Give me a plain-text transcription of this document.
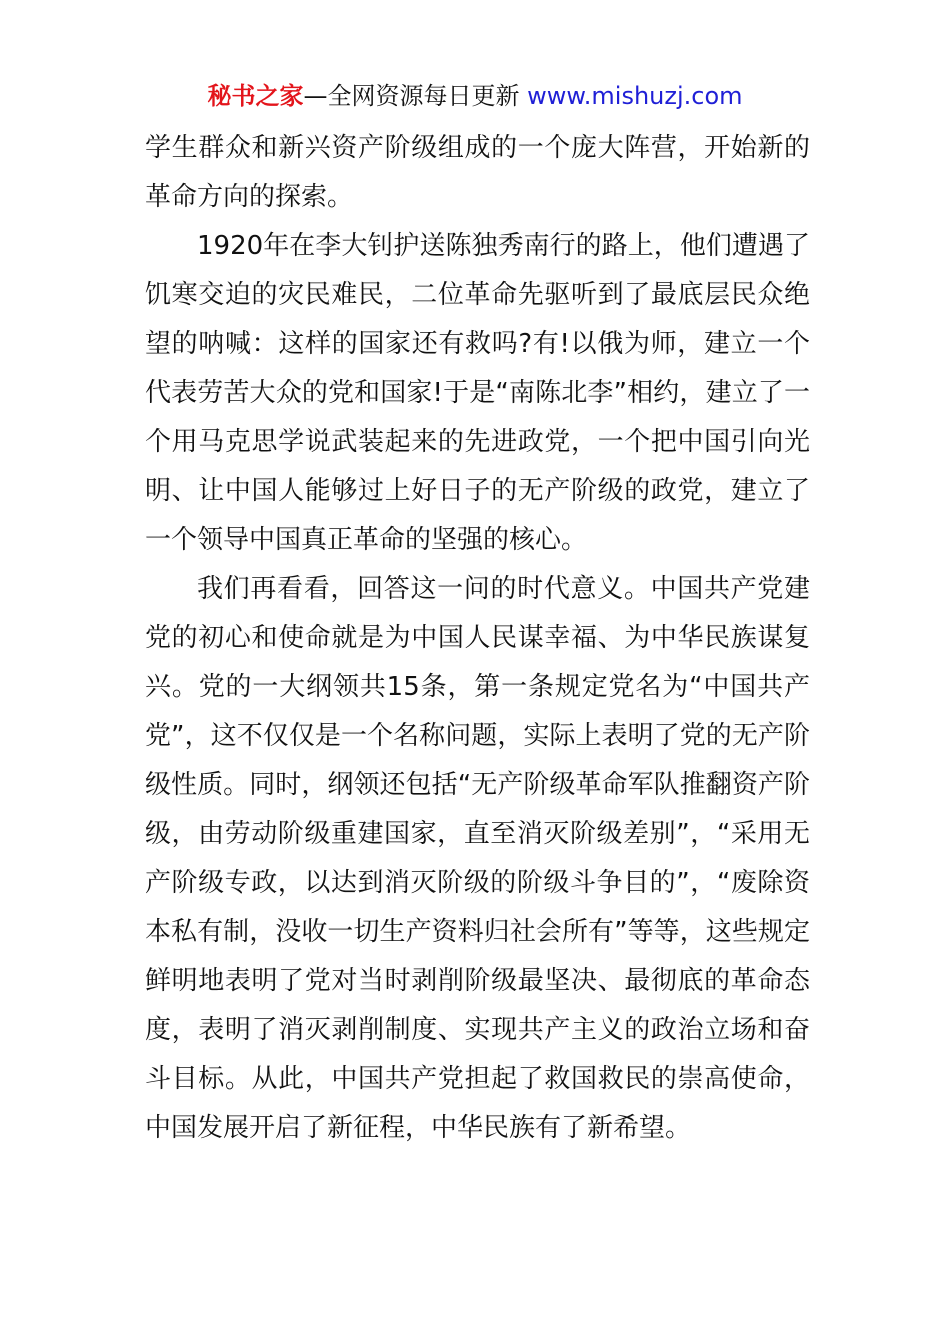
秘书之家—全网资源每日更新 www.mishuzj.com

学生群众和新兴资产阶级组成的一个庞大阵营，开始新的革命方向的探索。

1920年在李大钊护送陈独秀南行的路上，他们遭遇了饥寒交迫的灾民难民，二位革命先驱听到了最底层民众绝望的呐喊：这样的国家还有救吗?有!以俄为师，建立一个代表劳苦大众的党和国家!于是“南陈北李”相约，建立了一个用马克思学说武装起来的先进政党，一个把中国引向光明、让中国人能够过上好日子的无产阶级的政党，建立了一个领导中国真正革命的坚强的核心。

我们再看看，回答这一问的时代意义。中国共产党建党的初心和使命就是为中国人民谋幸福、为中华民族谋复兴。党的一大纲领共15条，第一条规定党名为“中国共产党”，这不仅仅是一个名称问题，实际上表明了党的无产阶级性质。同时，纲领还包括“无产阶级革命军队推翻资产阶级，由劳动阶级重建国家，直至消灭阶级差别”，“采用无产阶级专政，以达到消灭阶级的阶级斗争目的”，“废除资本私有制，没收一切生产资料归社会所有”等等，这些规定鲜明地表明了党对当时剥削阶级最坚决、最彻底的革命态度，表明了消灭剥削制度、实现共产主义的政治立场和奋斗目标。从此，中国共产党担起了救国救民的崇高使命，中国发展开启了新征程，中华民族有了新希望。
